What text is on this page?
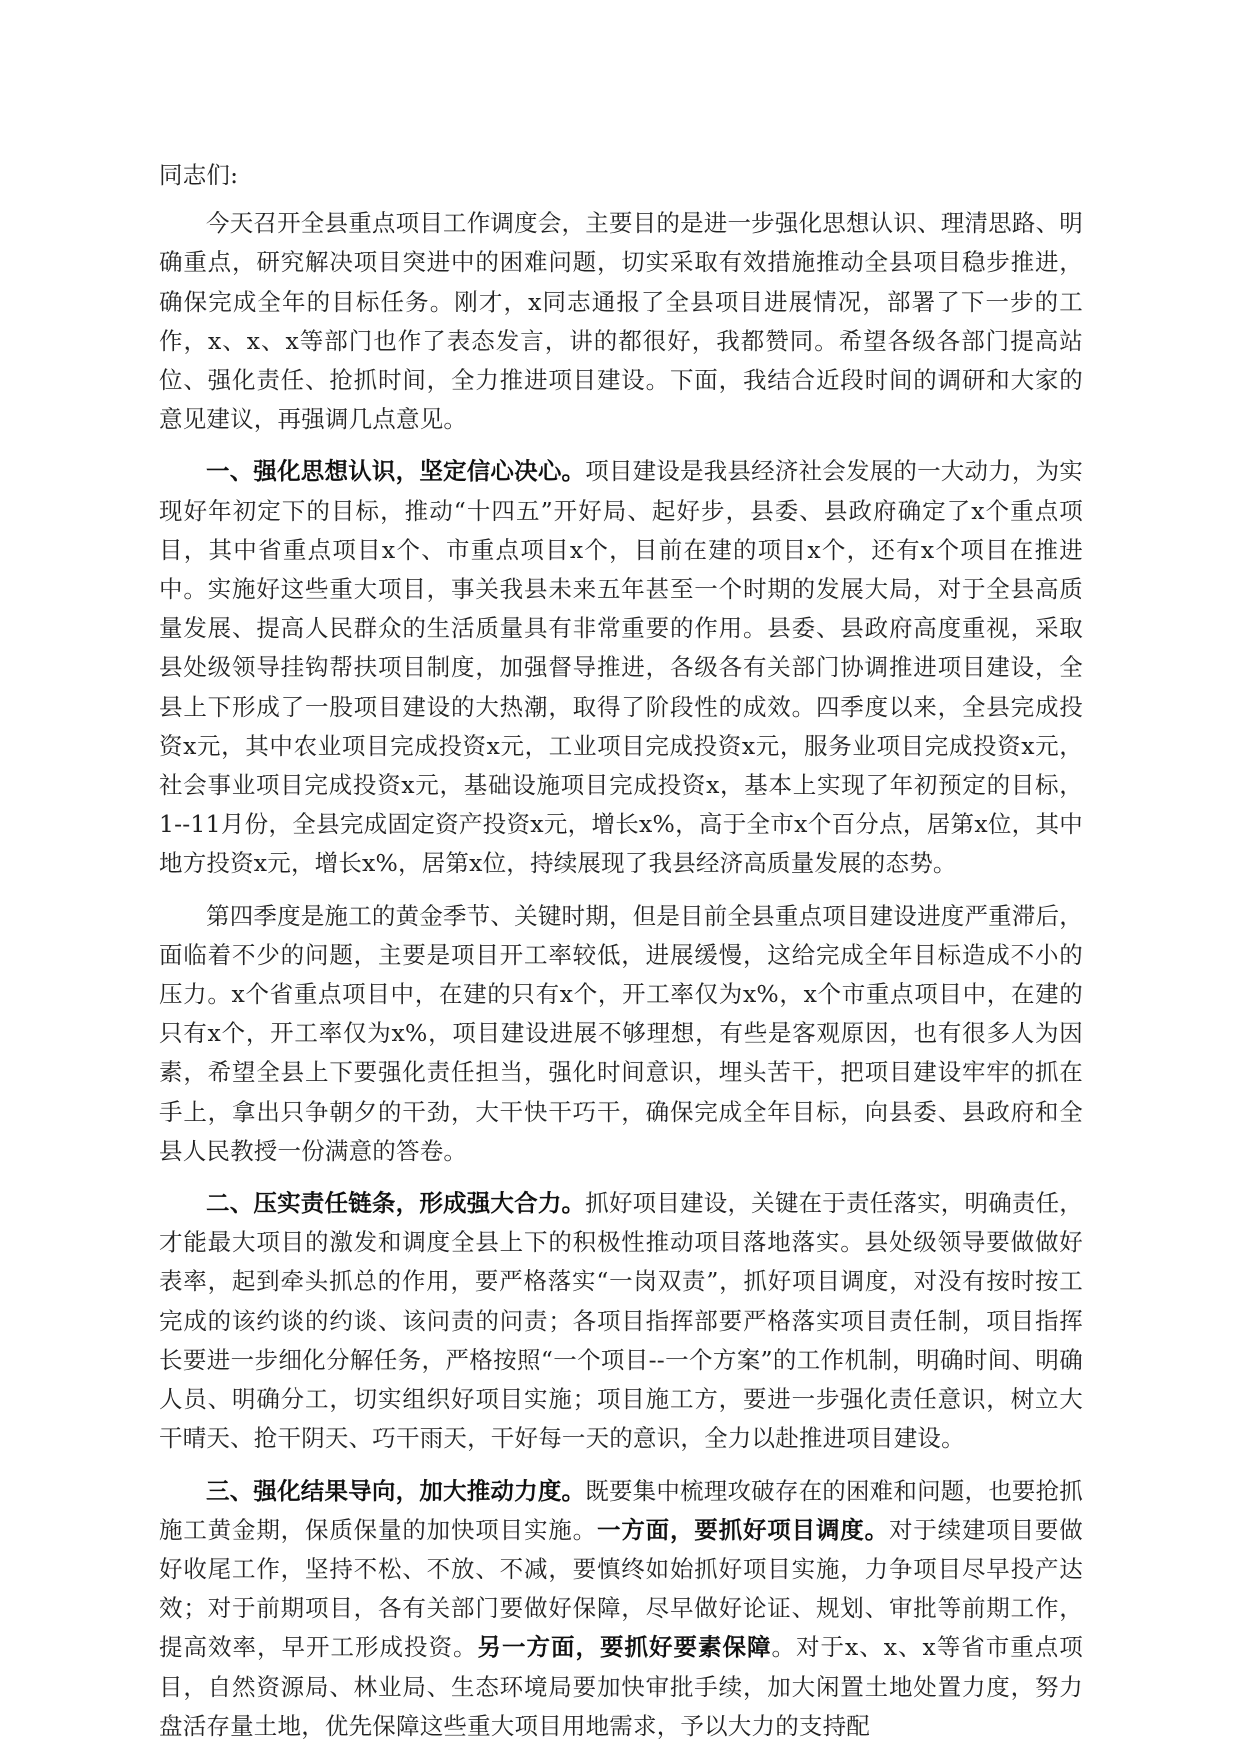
同志们:

今天召开全县重点项目工作调度会，主要目的是进一步强化思想认识、理清思路、明确重点，研究解决项目突进中的困难问题，切实采取有效措施推动全县项目稳步推进，确保完成全年的目标任务。刚才，x同志通报了全县项目进展情况，部署了下一步的工作，x、x、x等部门也作了表态发言，讲的都很好，我都赞同。希望各级各部门提高站位、强化责任、抢抓时间，全力推进项目建设。下面，我结合近段时间的调研和大家的意见建议，再强调几点意见。

一、强化思想认识，坚定信心决心。项目建设是我县经济社会发展的一大动力，为实现好年初定下的目标，推动“十四五”开好局、起好步，县委、县政府确定了x个重点项目，其中省重点项目x个、市重点项目x个，目前在建的项目x个，还有x个项目在推进中。实施好这些重大项目，事关我县未来五年甚至一个时期的发展大局，对于全县高质量发展、提高人民群众的生活质量具有非常重要的作用。县委、县政府高度重视，采取县处级领导挂钩帮扶项目制度，加强督导推进，各级各有关部门协调推进项目建设，全县上下形成了一股项目建设的大热潮，取得了阶段性的成效。四季度以来，全县完成投资x元，其中农业项目完成投资x元，工业项目完成投资x元，服务业项目完成投资x元，社会事业项目完成投资x元，基础设施项目完成投资x，基本上实现了年初预定的目标，1--11月份，全县完成固定资产投资x元，增长x%，高于全市x个百分点，居第x位，其中地方投资x元，增长x%，居第x位，持续展现了我县经济高质量发展的态势。

第四季度是施工的黄金季节、关键时期，但是目前全县重点项目建设进度严重滞后，面临着不少的问题，主要是项目开工率较低，进展缓慢，这给完成全年目标造成不小的压力。x个省重点项目中，在建的只有x个，开工率仅为x%，x个市重点项目中，在建的只有x个，开工率仅为x%，项目建设进展不够理想，有些是客观原因，也有很多人为因素，希望全县上下要强化责任担当，强化时间意识，埋头苦干，把项目建设牢牢的抓在手上，拿出只争朝夕的干劲，大干快干巧干，确保完成全年目标，向县委、县政府和全县人民教授一份满意的答卷。

二、压实责任链条，形成强大合力。抓好项目建设，关键在于责任落实，明确责任，才能最大项目的激发和调度全县上下的积极性推动项目落地落实。县处级领导要做做好表率，起到牵头抓总的作用，要严格落实“一岗双责”，抓好项目调度，对没有按时按工完成的该约谈的约谈、该问责的问责；各项目指挥部要严格落实项目责任制，项目指挥长要进一步细化分解任务，严格按照“一个项目--一个方案”的工作机制，明确时间、明确人员、明确分工，切实组织好项目实施；项目施工方，要进一步强化责任意识，树立大干晴天、抢干阴天、巧干雨天，干好每一天的意识，全力以赴推进项目建设。

三、强化结果导向，加大推动力度。既要集中梳理攻破存在的困难和问题，也要抢抓施工黄金期，保质保量的加快项目实施。一方面，要抓好项目调度。对于续建项目要做好收尾工作，坚持不松、不放、不减，要慎终如始抓好项目实施，力争项目尽早投产达效；对于前期项目，各有关部门要做好保障，尽早做好论证、规划、审批等前期工作，提高效率，早开工形成投资。另一方面，要抓好要素保障。对于x、x、x等省市重点项目，自然资源局、林业局、生态环境局要加快审批手续，加大闲置土地处置力度，努力盘活存量土地，优先保障这些重大项目用地需求，予以大力的支持配
